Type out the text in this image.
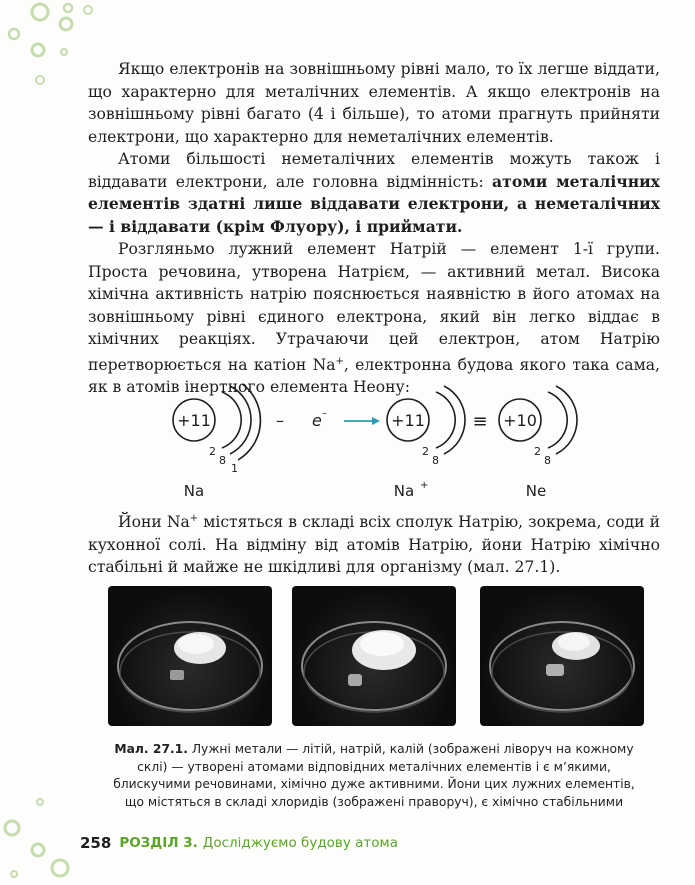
Якщо електронів на зовнішньому рівні мало, то їх легше віддати, що характерно для металічних елементів. А якщо електронів на зовнішньому рівні багато (4 і більше), то атоми прагнуть прийняти електрони, що характерно для неметалічних елементів.

Атоми більшості неметалічних елементів можуть також і віддавати електрони, але головна відмінність: атоми металічних елементів здатні лише віддавати електрони, а неметалічних — і віддавати (крім Флуору), і приймати.

Розгляньмо лужний елемент Натрій — елемент 1-ї групи. Проста речовина, утворена Натрієм, — активний метал. Висока хімічна активність натрію пояснюється наявністю в його атомах на зовнішньому рівні єдиного електрона, який він легко віддає в хімічних реакціях. Утрачаючи цей електрон, атом Натрію перетворюється на катіон Na+, електронна будова якого така сама, як в атомів інертного елемента Неону:

+11
2
8
1
Na
– e –	+11
2
8
Na +
≡ +10
2
8
Ne

Йони Na+ містяться в складі всіх сполук Натрію, зокрема, соди й кухонної солі. На відміну від атомів Натрію, йони Натрію хімічно стабільні й майже не шкідливі для організму (мал. 27.1).

Мал. 27.1. Лужні метали — літій, натрій, калій (зображені ліворуч на кожному склі) — утворені атомами відповідних металічних елементів і є м’якими, блискучими речовинами, хімічно дуже активними. Йони цих лужних елементів, що містяться в складі хлоридів (зображені праворуч), є хімічно стабільними
258 РОЗДІЛ 3. Досліджуємо будову атома
